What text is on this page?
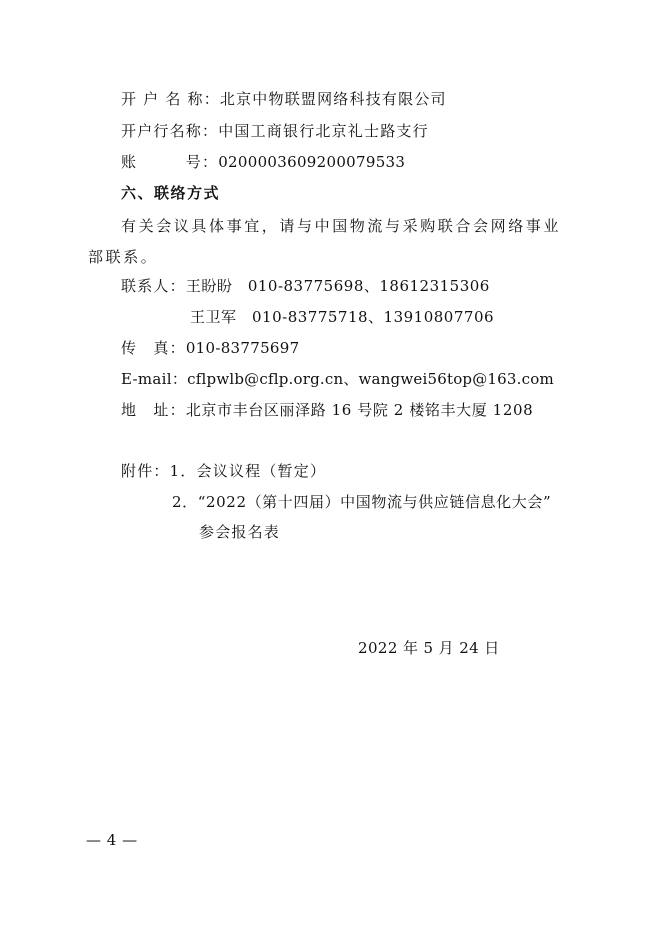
开 户 名 称：北京中物联盟网络科技有限公司
开户行名称：中国工商银行北京礼士路支行
账　　　号：0200003609200079533
六、联络方式
有关会议具体事宜，请与中国物流与采购联合会网络事业部联系。
联系人：王盼盼　010-83775698、18612315306
王卫军　010-83775718、13910807706
传　真：010-83775697
E-mail：cflpwlb@cflp.org.cn、wangwei56top@163.com
地　址：北京市丰台区丽泽路 16 号院 2 楼铭丰大厦 1208
附件：1．会议议程（暂定）
2．“2022（第十四届）中国物流与供应链信息化大会”
参会报名表
2022 年 5 月 24 日
— 4 —
